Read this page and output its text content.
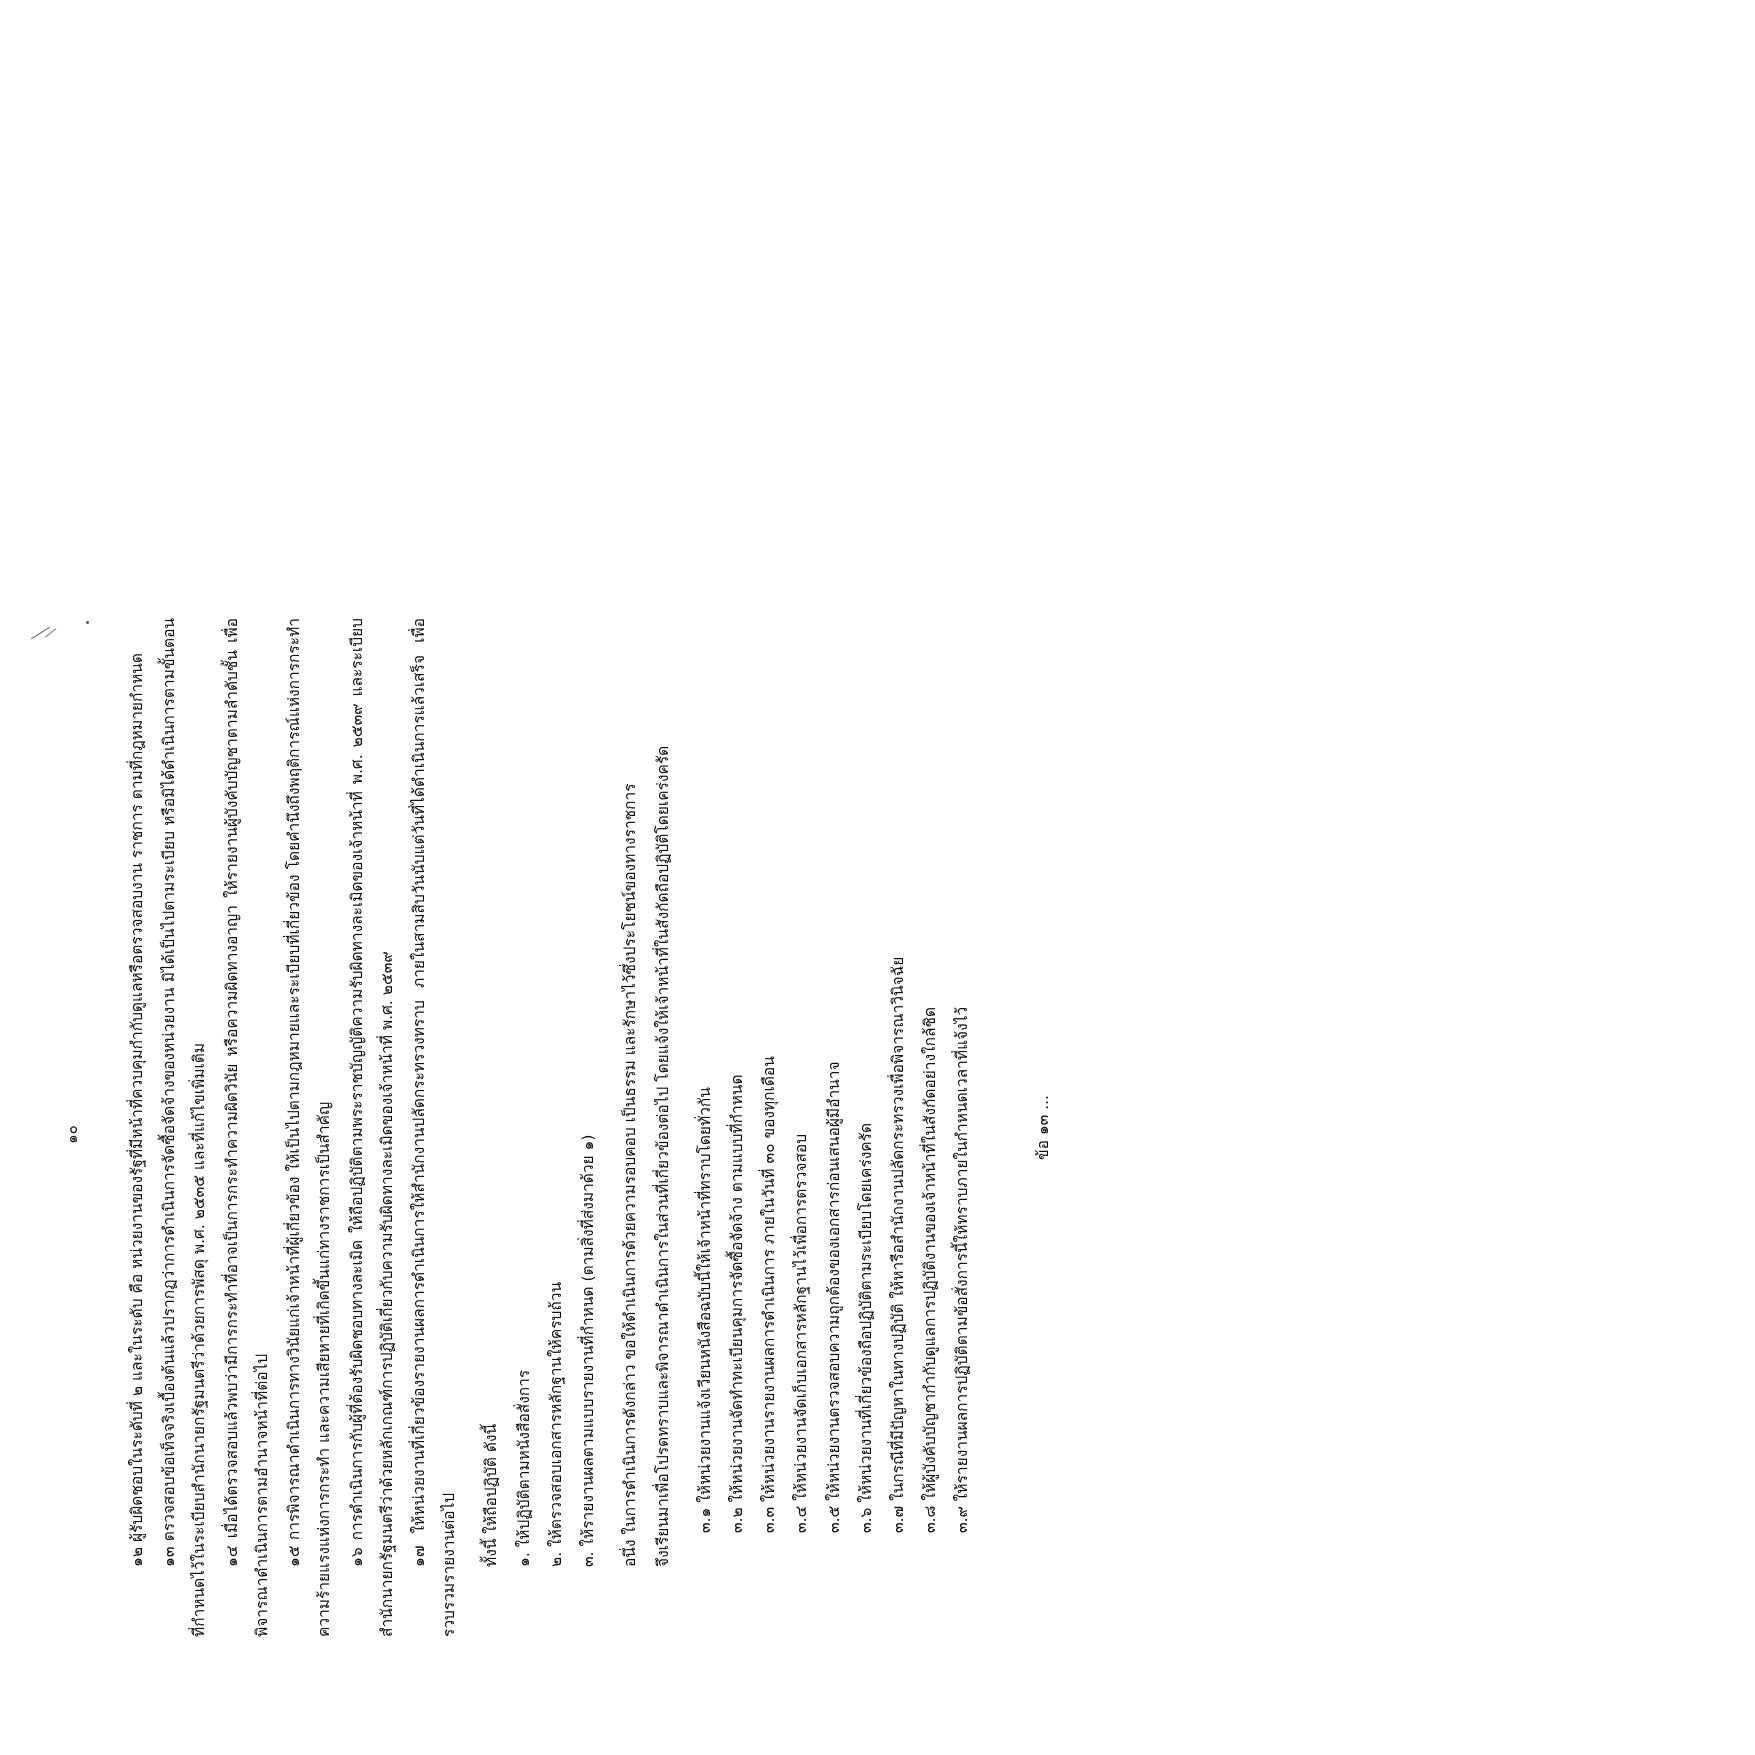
๑๐	๑๒ ผู้รับผิดชอบในระดับที่ ๒ และในระดับ คือ หน่วยงานของรัฐที่มีหน้าที่ควบคุมกำกับดูแลหรือตรวจสอบงาน ราชการ ตามที่กฎหมายกำหนด ๑๓ ตรวจสอบข้อเท็จจริงเบื้องต้นแล้วปรากฏว่าการดำเนินการจัดซื้อจัดจ้างของหน่วยงาน มิได้เป็นไปตามระเบียบ หรือมิได้ดำเนินการตามขั้นตอนที่กำหนดไว้ในระเบียบสำนักนายกรัฐมนตรีว่าด้วยการพัสดุ พ.ศ. ๒๕๓๕ และที่แก้ไขเพิ่มเติม ๑๔ เมื่อได้ตรวจสอบแล้วพบว่ามีการกระทำที่อาจเป็นการกระทำความผิดวินัย หรือความผิดทางอาญา ให้รายงานผู้บังคับบัญชาตามลำดับชั้น เพื่อพิจารณาดำเนินการตามอำนาจหน้าที่ต่อไป ๑๕ การพิจารณาดำเนินการทางวินัยแก่เจ้าหน้าที่ผู้เกี่ยวข้อง ให้เป็นไปตามกฎหมายและระเบียบที่เกี่ยวข้อง โดยคำนึงถึงพฤติการณ์แห่งการกระทำ ความร้ายแรงแห่งการกระทำ และความเสียหายที่เกิดขึ้นแก่ทางราชการเป็นสำคัญ ๑๖ การดำเนินการกับผู้ที่ต้องรับผิดชอบทางละเมิด ให้ถือปฏิบัติตามพระราชบัญญัติความรับผิดทางละเมิดของเจ้าหน้าที่ พ.ศ. ๒๕๓๙ และระเบียบสำนักนายกรัฐมนตรีว่าด้วยหลักเกณฑ์การปฏิบัติเกี่ยวกับความรับผิดทางละเมิดของเจ้าหน้าที่ พ.ศ. ๒๕๓๙ ๑๗ ให้หน่วยงานที่เกี่ยวข้องรายงานผลการดำเนินการให้สำนักงานปลัดกระทรวงทราบ ภายในสามสิบวันนับแต่วันที่ได้ดำเนินการแล้วเสร็จ เพื่อรวบรวมรายงานต่อไป	ทั้งนี้ ให้ถือปฏิบัติ ดังนี้ ๑. ให้ปฏิบัติตามหนังสือสั่งการ ๒. ให้ตรวจสอบเอกสารหลักฐานให้ครบถ้วน ๓. ให้รายงานผลตามแบบรายงานที่กำหนด (ตามสิ่งที่ส่งมาด้วย ๑)	อนึ่ง ในการดำเนินการดังกล่าว ขอให้ดำเนินการด้วยความรอบคอบ เป็นธรรม และรักษาไว้ซึ่งประโยชน์ของทางราชการ จึงเรียนมาเพื่อโปรดทราบและพิจารณาดำเนินการในส่วนที่เกี่ยวข้องต่อไป โดยแจ้งให้เจ้าหน้าที่ในสังกัดถือปฏิบัติโดยเคร่งครัด	๓.๑ ให้หน่วยงานแจ้งเวียนหนังสือฉบับนี้ให้เจ้าหน้าที่ทราบโดยทั่วกัน ๓.๒ ให้หน่วยงานจัดทำทะเบียนคุมการจัดซื้อจัดจ้าง ตามแบบที่กำหนด ๓.๓ ให้หน่วยงานรายงานผลการดำเนินการ ภายในวันที่ ๓๐ ของทุกเดือน ๓.๔ ให้หน่วยงานจัดเก็บเอกสารหลักฐานไว้เพื่อการตรวจสอบ ๓.๕ ให้หน่วยงานตรวจสอบความถูกต้องของเอกสารก่อนเสนอผู้มีอำนาจ ๓.๖ ให้หน่วยงานที่เกี่ยวข้องถือปฏิบัติตามระเบียบโดยเคร่งครัด ๓.๗ ในกรณีที่มีปัญหาในทางปฏิบัติ ให้หารือสำนักงานปลัดกระทรวงเพื่อพิจารณาวินิจฉัย ๓.๘ ให้ผู้บังคับบัญชากำกับดูแลการปฏิบัติงานของเจ้าหน้าที่ในสังกัดอย่างใกล้ชิด ๓.๙ ให้รายงานผลการปฏิบัติตามข้อสั่งการนี้ให้ทราบภายในกำหนดเวลาที่แจ้งไว้	ข้อ ๑๓ ...
